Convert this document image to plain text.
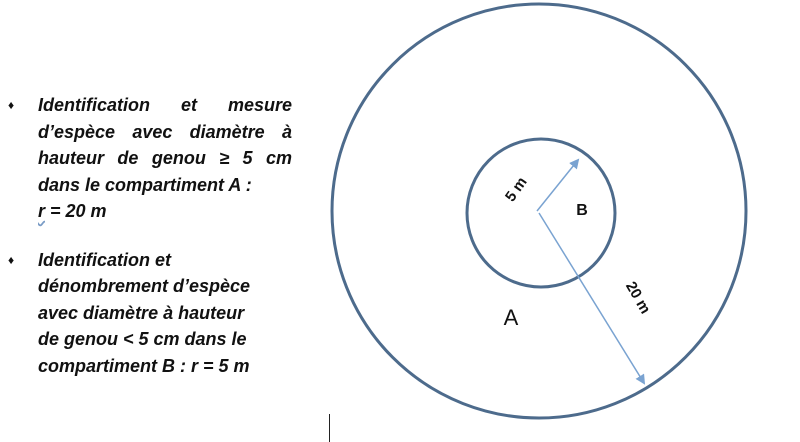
♦ Identification et mesure
d’espèce avec diamètre à
hauteur de genou ≥ 5 cm
dans le compartiment A :
r = 20 m
♦ Identification et
dénombrement d’espèce
avec diamètre à hauteur
de genou < 5 cm dans le
compartiment B : r = 5 m
5 m
20 m
B
A
